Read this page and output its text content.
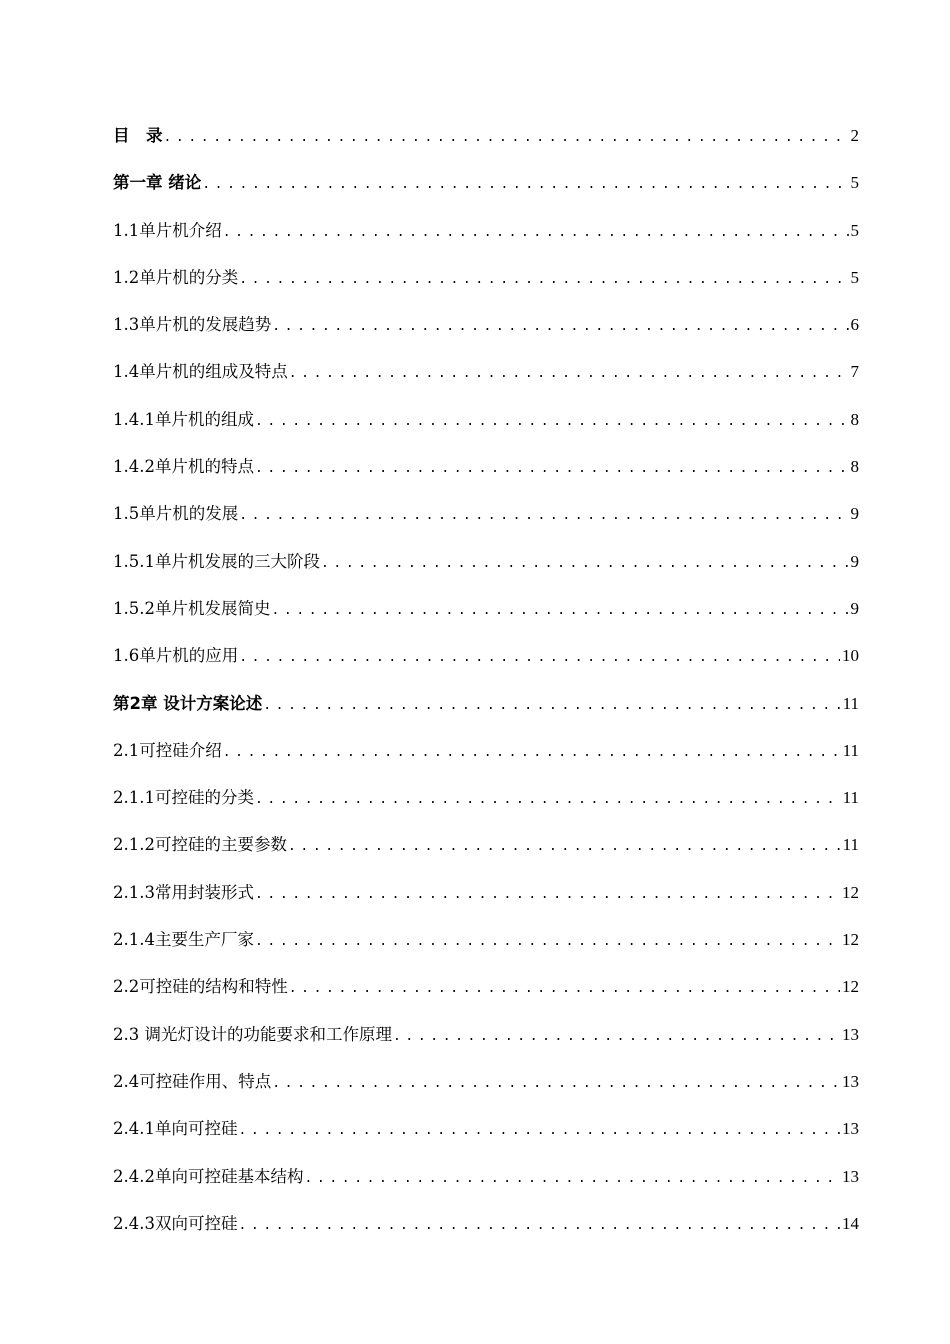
目　录 .....	2
第一章 绪论 .....	5
1.1单片机介绍 .....	5
1.2单片机的分类 .....	5
1.3单片机的发展趋势 .....	6
1.4单片机的组成及特点 .....	7
1.4.1单片机的组成 .....	8
1.4.2单片机的特点 .....	8
1.5单片机的发展 .....	9
1.5.1单片机发展的三大阶段 .....	9
1.5.2单片机发展简史 .....	9
1.6单片机的应用 .....	10
第2章 设计方案论述 .....	11
2.1可控硅介绍 .....	11
2.1.1可控硅的分类 .....	11
2.1.2可控硅的主要参数 .....	11
2.1.3常用封装形式 .....	12
2.1.4主要生产厂家 .....	12
2.2可控硅的结构和特性 .....	12
2.3 调光灯设计的功能要求和工作原理 .....	13
2.4可控硅作用、特点 .....	13
2.4.1单向可控硅 .....	13
2.4.2单向可控硅基本结构 .....	13
2.4.3双向可控硅 .....	14
